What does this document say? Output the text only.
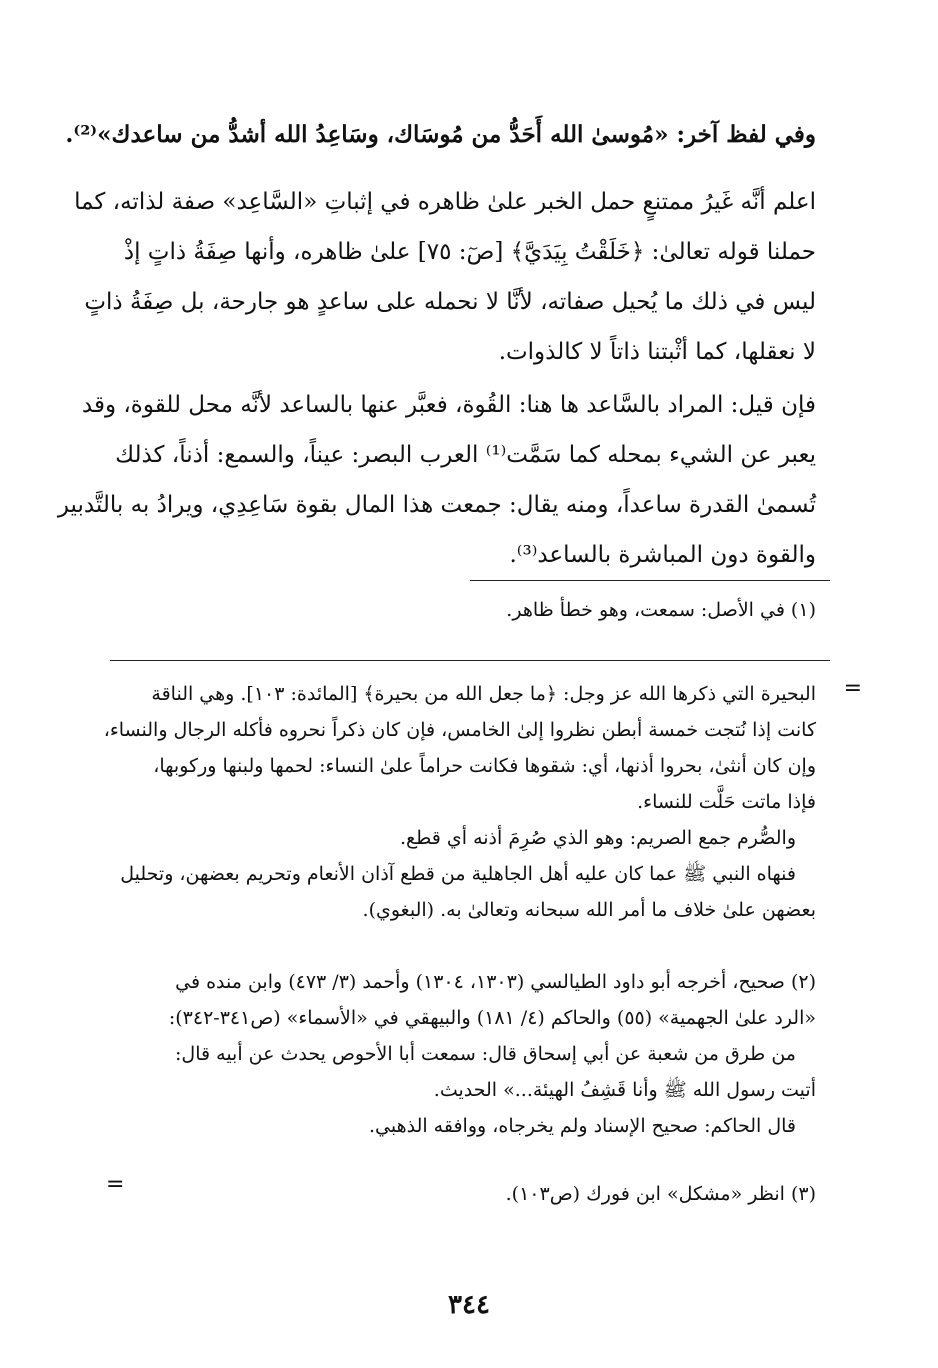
وفي لفظ آخر: «مُوسىٰ الله أَحَدُّ من مُوسَاك، وسَاعِدُ الله أشدُّ من ساعدك»⁽²⁾.
اعلم أنَّه غَيرُ ممتنعٍ حمل الخبر علىٰ ظاهره في إثباتِ «السَّاعِد» صفة لذاته، كما
حملنا قوله تعالىٰ: ﴿خَلَقْتُ بِيَدَيَّ﴾ [صٓ: ٧٥] علىٰ ظاهره، وأنها صِفَةُ ذاتٍ إذْ
ليس في ذلك ما يُحيل صفاته، لأنَّا لا نحمله على ساعدٍ هو جارحة، بل صِفَةُ ذاتٍ
لا نعقلها، كما أثْبتنا ذاتاً لا كالذوات.
فإن قيل: المراد بالسَّاعد ها هنا: القُوة، فعبَّر عنها بالساعد لأنَّه محل للقوة، وقد
يعبر عن الشيء بمحله كما سَمَّت⁽¹⁾ العرب البصر: عيناً، والسمع: أذناً، كذلك
تُسمىٰ القدرة ساعداً، ومنه يقال: جمعت هذا المال بقوة سَاعِدِي، ويرادُ به بالتَّدبير
والقوة دون المباشرة بالساعد⁽³⁾.
(١) في الأصل: سمعت، وهو خطأ ظاهر.
=
=
البحيرة التي ذكرها الله عز وجل: ﴿ما جعل الله من بحيرة﴾ [المائدة: ١٠٣]. وهي الناقة
كانت إذا نُتجت خمسة أبطن نظروا إلىٰ الخامس، فإن كان ذكراً نحروه فأكله الرجال والنساء،
وإن كان أنثىٰ، بحروا أذنها، أي: شقوها فكانت حراماً علىٰ النساء: لحمها ولبنها وركوبها،
فإذا ماتت حَلَّت للنساء.
والصُّرم جمع الصريم: وهو الذي صُرِمَ أذنه أي قطع.
فنهاه النبي ﷺ عما كان عليه أهل الجاهلية من قطع آذان الأنعام وتحريم بعضهن، وتحليل
بعضهن علىٰ خلاف ما أمر الله سبحانه وتعالىٰ به. (البغوي).
(٢) صحيح، أخرجه أبو داود الطيالسي (١٣٠٣، ١٣٠٤) وأحمد (٣/ ٤٧٣) وابن منده في
«الرد علىٰ الجهمية» (٥٥) والحاكم (٤/ ١٨١) والبيهقي في «الأسماء» (ص٣٤١-٣٤٢):
من طرق من شعبة عن أبي إسحاق قال: سمعت أبا الأحوص يحدث عن أبيه قال:
أتيت رسول الله ﷺ وأنا قَشِفُ الهيئة...» الحديث.
قال الحاكم: صحيح الإسناد ولم يخرجاه، ووافقه الذهبي.
(٣) انظر «مشكل» ابن فورك (ص١٠٣).
٣٤٤
